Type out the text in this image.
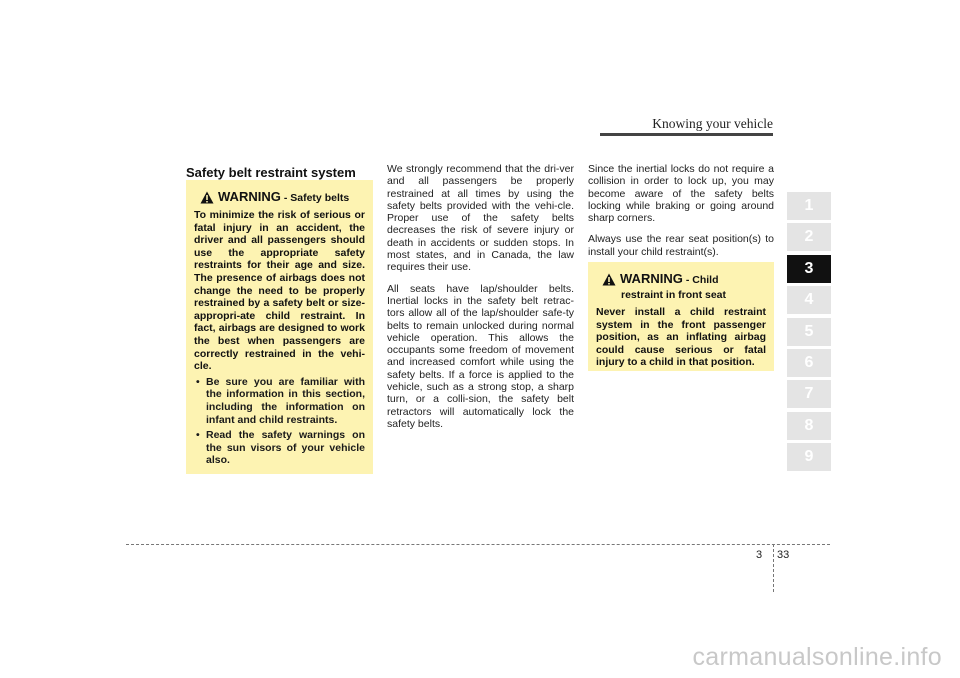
Knowing your vehicle
Safety belt restraint system
WARNING - Safety belts
To minimize the risk of serious or fatal injury in an accident, the driver and all passengers should use the appropriate safety restraints for their age and size. The presence of airbags does not change the need to be properly restrained by a safety belt or size-appropri-ate child restraint. In fact, airbags are designed to work the best when passengers are correctly restrained in the vehi-cle.
• Be sure you are familiar with the information in this section, including the information on infant and child restraints.
• Read the safety warnings on the sun visors of your vehicle also.

We strongly recommend that the dri-ver and all passengers be properly restrained at all times by using the safety belts provided with the vehi-cle. Proper use of the safety belts decreases the risk of severe injury or death in accidents or sudden stops. In most states, and in Canada, the law requires their use.

All seats have lap/shoulder belts. Inertial locks in the safety belt retrac-tors allow all of the lap/shoulder safe-ty belts to remain unlocked during normal vehicle operation. This allows the occupants some freedom of movement and increased comfort while using the safety belts. If a force is applied to the vehicle, such as a strong stop, a sharp turn, or a colli-sion, the safety belt retractors will automatically lock the safety belts.

Since the inertial locks do not require a collision in order to lock up, you may become aware of the safety belts locking while braking or going around sharp corners.

Always use the rear seat position(s) to install your child restraint(s).

WARNING - Child
restraint in front seat
Never install a child restraint system in the front passenger position, as an inflating airbag could cause serious or fatal injury to a child in that position.
1
2
3
4
5
6
7
8
9
3 33
carmanualsonline.info
